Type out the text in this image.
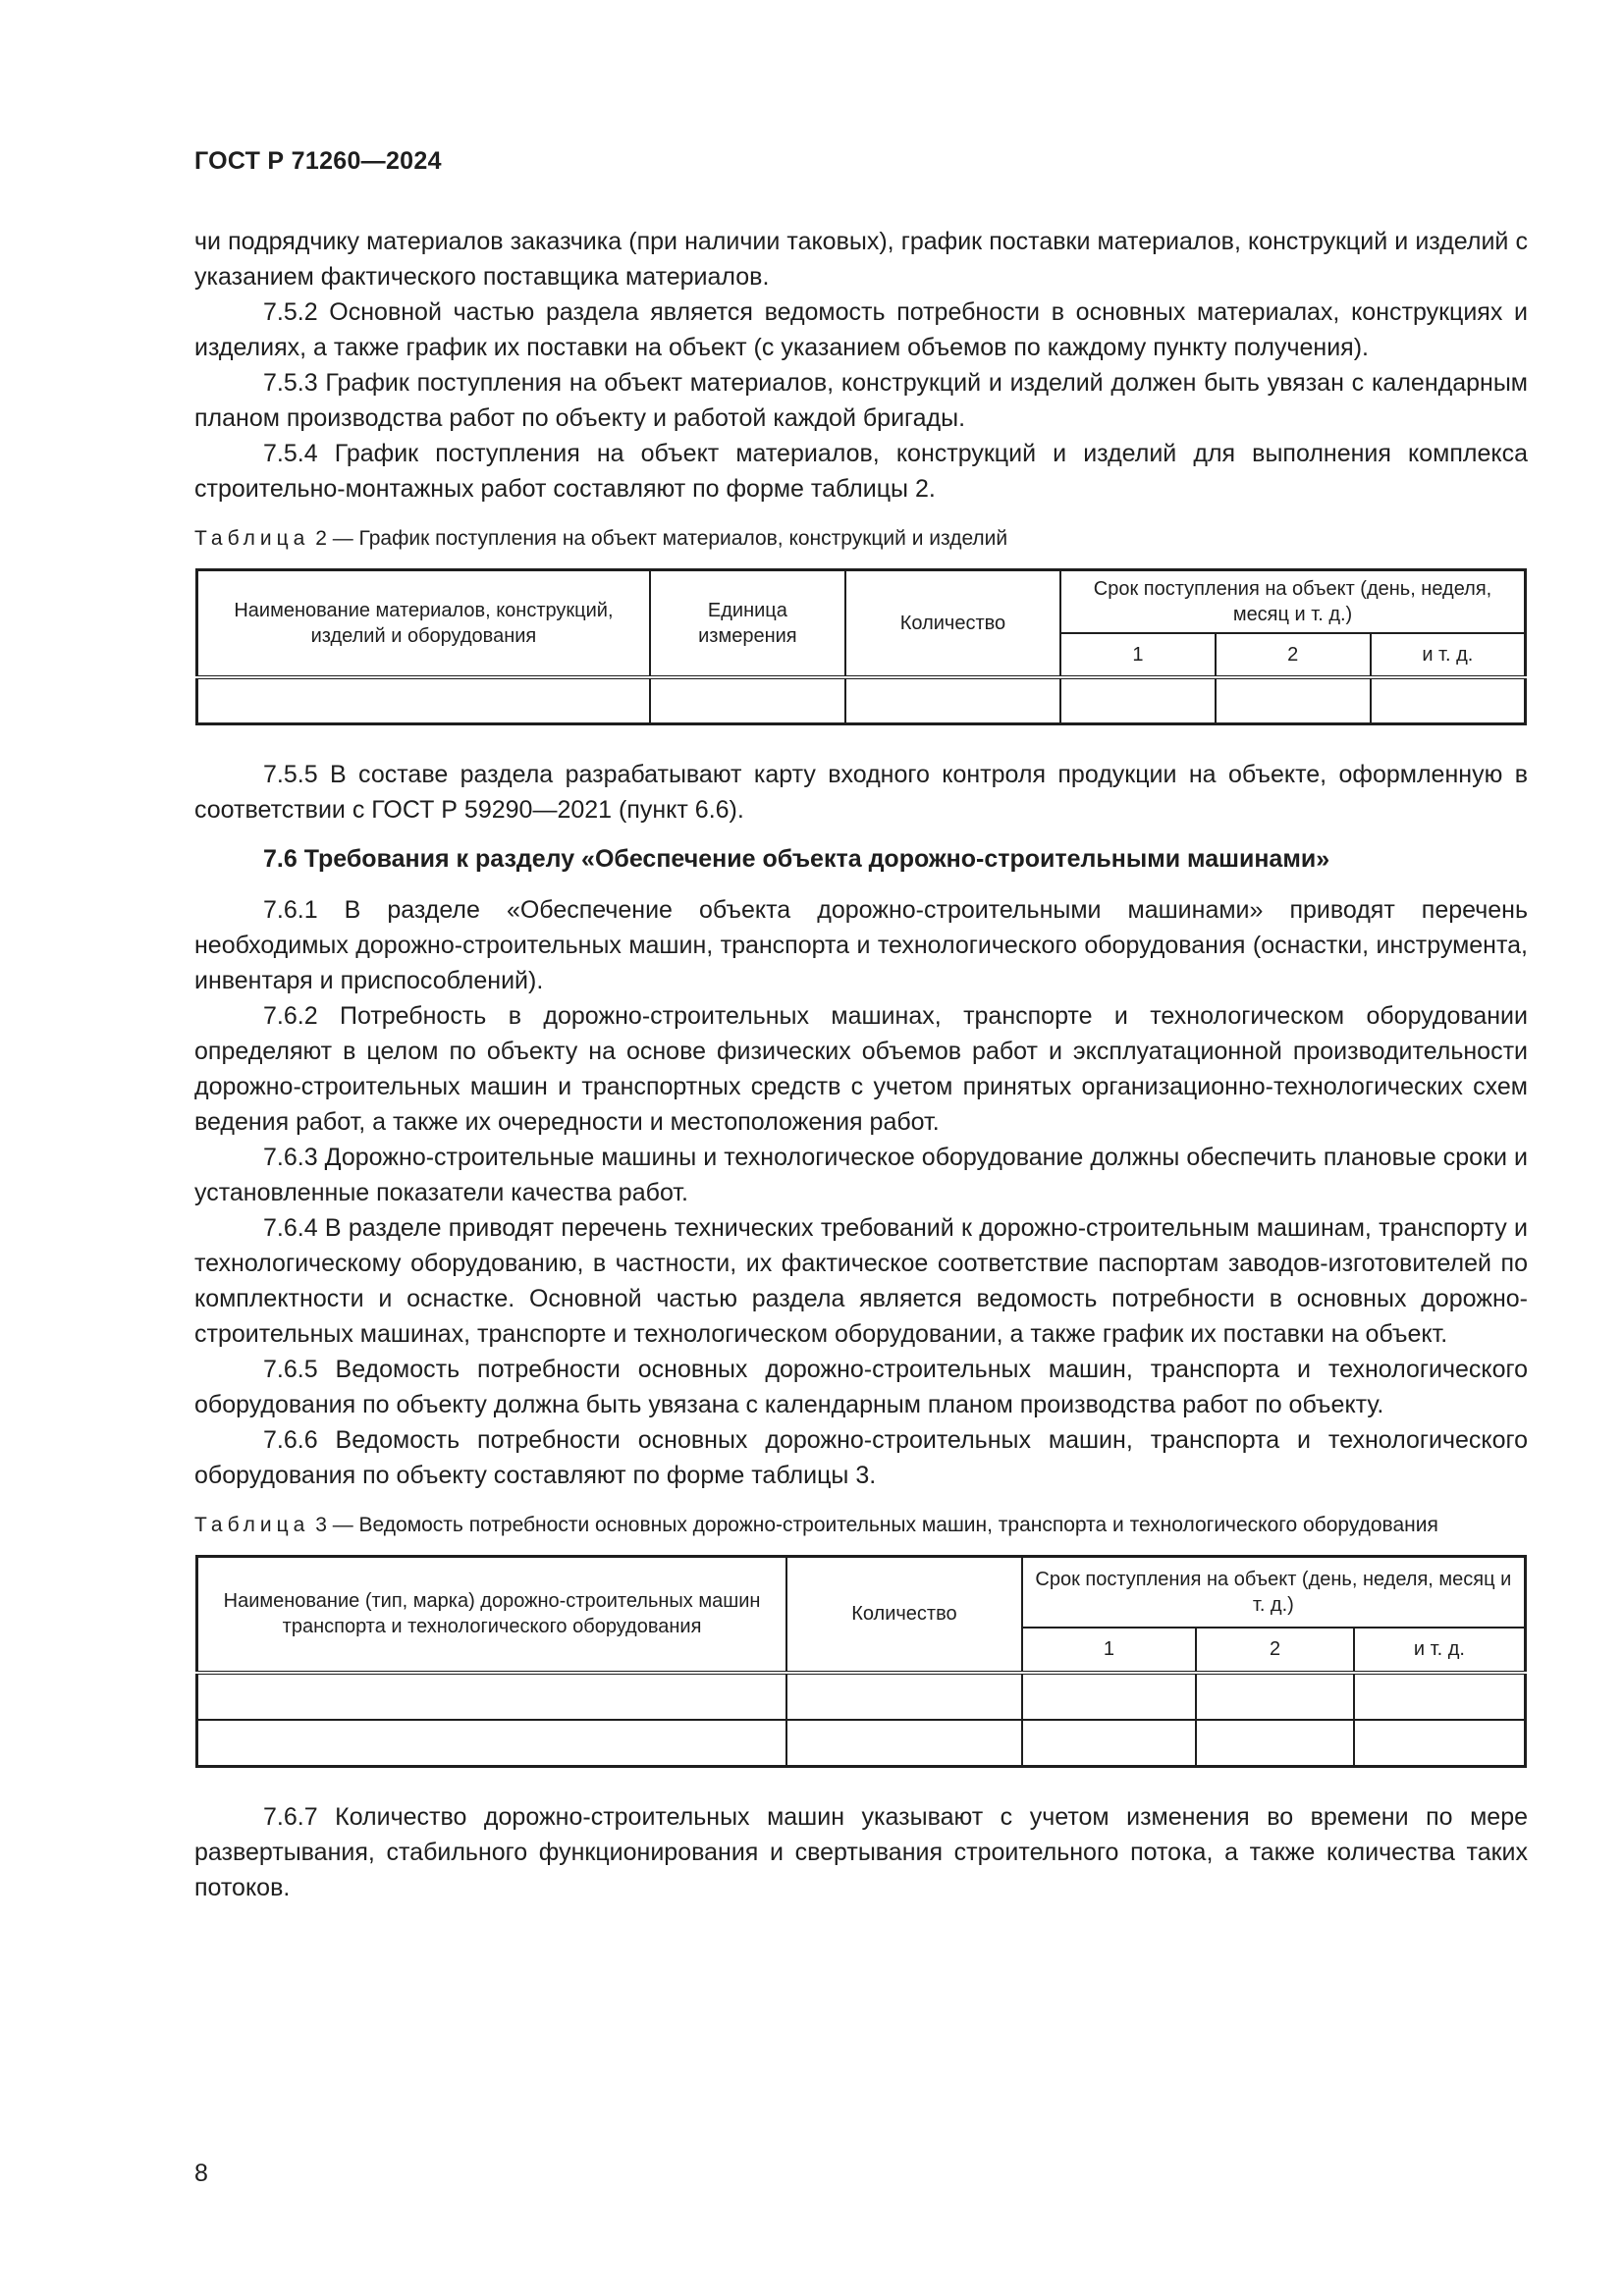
ГОСТ Р 71260—2024

чи подрядчику материалов заказчика (при наличии таковых), график поставки материалов, конструкций и изделий с указанием фактического поставщика материалов.

7.5.2 Основной частью раздела является ведомость потребности в основных материалах, конструкциях и изделиях, а также график их поставки на объект (с указанием объемов по каждому пункту получения).

7.5.3 График поступления на объект материалов, конструкций и изделий должен быть увязан с календарным планом производства работ по объекту и работой каждой бригады.

7.5.4 График поступления на объект материалов, конструкций и изделий для выполнения комплекса строительно-монтажных работ составляют по форме таблицы 2.

Таблица 2 — График поступления на объект материалов, конструкций и изделий
Наименование материалов, конструкций, изделий и оборудования	Единица измерения	Количество	Срок поступления на объект (день, неделя, месяц и т. д.)		
			1	2	и т. д.

7.5.5 В составе раздела разрабатывают карту входного контроля продукции на объекте, оформленную в соответствии с ГОСТ Р 59290—2021 (пункт 6.6).

7.6 Требования к разделу «Обеспечение объекта дорожно-строительными машинами»

7.6.1 В разделе «Обеспечение объекта дорожно-строительными машинами» приводят перечень необходимых дорожно-строительных машин, транспорта и технологического оборудования (оснастки, инструмента, инвентаря и приспособлений).

7.6.2 Потребность в дорожно-строительных машинах, транспорте и технологическом оборудовании определяют в целом по объекту на основе физических объемов работ и эксплуатационной производительности дорожно-строительных машин и транспортных средств с учетом принятых организационно-технологических схем ведения работ, а также их очередности и местоположения работ.

7.6.3 Дорожно-строительные машины и технологическое оборудование должны обеспечить плановые сроки и установленные показатели качества работ.

7.6.4 В разделе приводят перечень технических требований к дорожно-строительным машинам, транспорту и технологическому оборудованию, в частности, их фактическое соответствие паспортам заводов-изготовителей по комплектности и оснастке. Основной частью раздела является ведомость потребности в основных дорожно-строительных машинах, транспорте и технологическом оборудовании, а также график их поставки на объект.

7.6.5 Ведомость потребности основных дорожно-строительных машин, транспорта и технологического оборудования по объекту должна быть увязана с календарным планом производства работ по объекту.

7.6.6 Ведомость потребности основных дорожно-строительных машин, транспорта и технологического оборудования по объекту составляют по форме таблицы 3.

Таблица 3 — Ведомость потребности основных дорожно-строительных машин, транспорта и технологического оборудования
Наименование (тип, марка) дорожно-строительных машин транспорта и технологического оборудования	Количество	Срок поступления на объект (день, неделя, месяц и т. д.)		
		1	2	и т. д.

7.6.7 Количество дорожно-строительных машин указывают с учетом изменения во времени по мере развертывания, стабильного функционирования и свертывания строительного потока, а также количества таких потоков.

8
